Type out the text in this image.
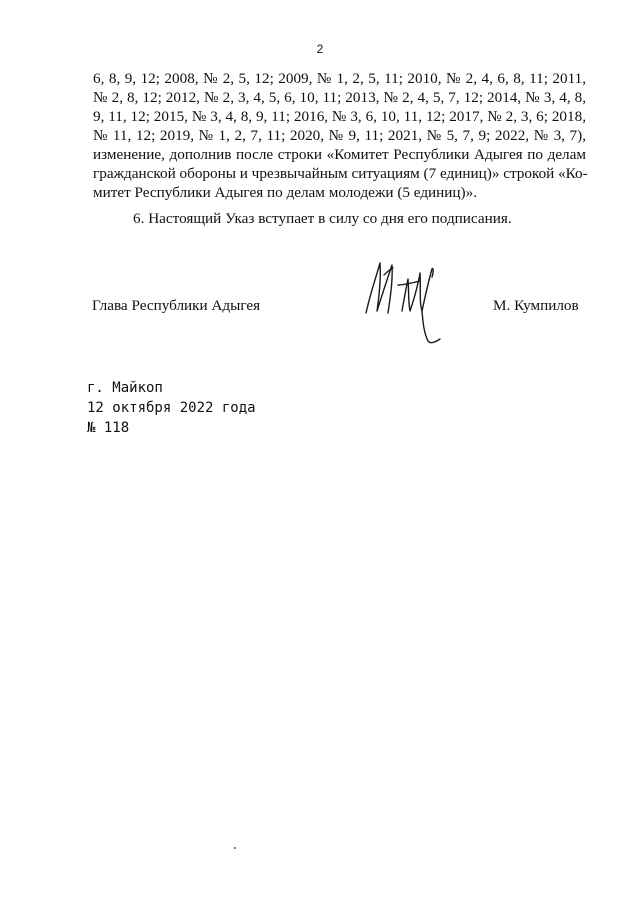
2
6, 8, 9, 12; 2008, № 2, 5, 12; 2009, № 1, 2, 5, 11; 2010, № 2, 4, 6, 8, 11; 2011,
№ 2, 8, 12; 2012, № 2, 3, 4, 5, 6, 10, 11; 2013, № 2, 4, 5, 7, 12; 2014, № 3, 4, 8,
9, 11, 12; 2015, № 3, 4, 8, 9, 11; 2016, № 3, 6, 10, 11, 12; 2017, № 2, 3, 6; 2018,
№ 11, 12; 2019, № 1, 2, 7, 11; 2020, № 9, 11; 2021, № 5, 7, 9; 2022, № 3, 7),
изменение, дополнив после строки «Комитет Республики Адыгея по делам
гражданской обороны и чрезвычайным ситуациям (7 единиц)» строкой «Ко-
митет Республики Адыгея по делам молодежи (5 единиц)».
6. Настоящий Указ вступает в силу со дня его подписания.
Глава Республики Адыгея	М. Кумпилов
г. Майкоп
12 октября 2022 года
№ 118
